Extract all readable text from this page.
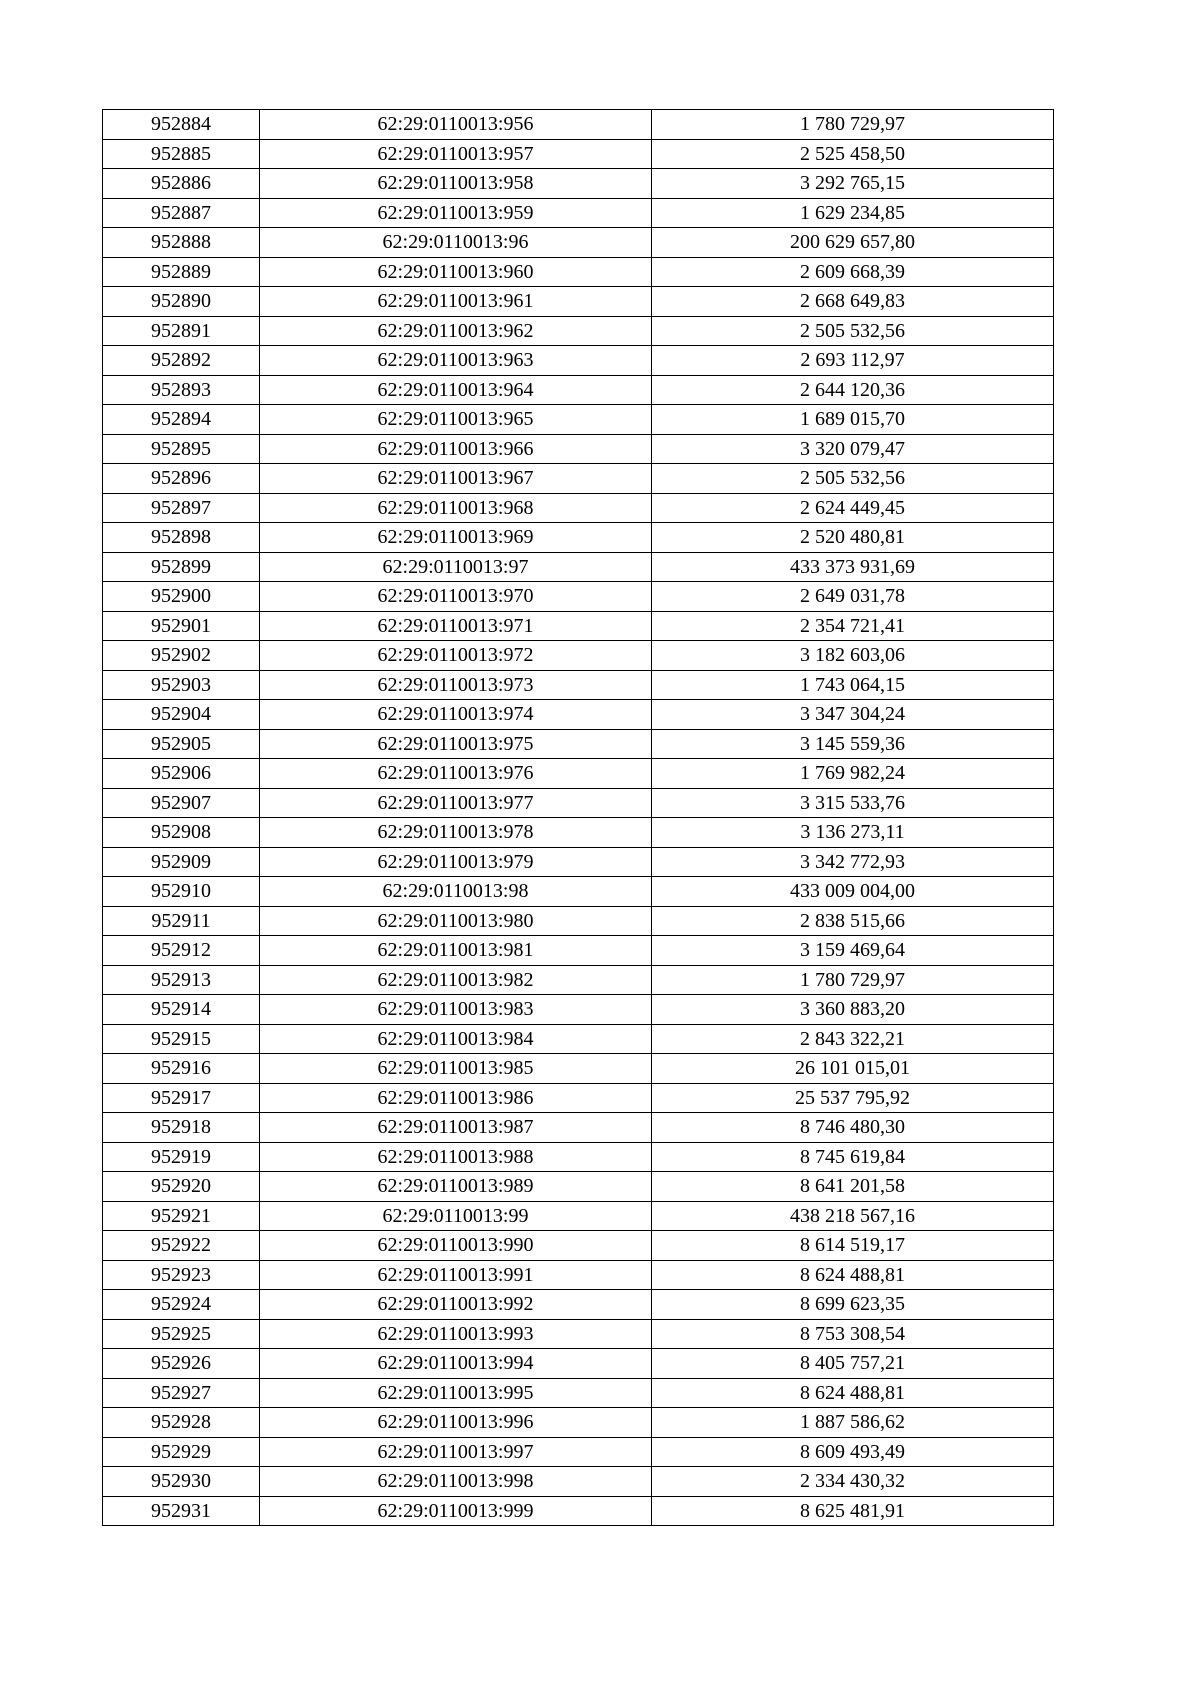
952884	62:29:0110013:956	1 780 729,97
952885	62:29:0110013:957	2 525 458,50
952886	62:29:0110013:958	3 292 765,15
952887	62:29:0110013:959	1 629 234,85
952888	62:29:0110013:96	200 629 657,80
952889	62:29:0110013:960	2 609 668,39
952890	62:29:0110013:961	2 668 649,83
952891	62:29:0110013:962	2 505 532,56
952892	62:29:0110013:963	2 693 112,97
952893	62:29:0110013:964	2 644 120,36
952894	62:29:0110013:965	1 689 015,70
952895	62:29:0110013:966	3 320 079,47
952896	62:29:0110013:967	2 505 532,56
952897	62:29:0110013:968	2 624 449,45
952898	62:29:0110013:969	2 520 480,81
952899	62:29:0110013:97	433 373 931,69
952900	62:29:0110013:970	2 649 031,78
952901	62:29:0110013:971	2 354 721,41
952902	62:29:0110013:972	3 182 603,06
952903	62:29:0110013:973	1 743 064,15
952904	62:29:0110013:974	3 347 304,24
952905	62:29:0110013:975	3 145 559,36
952906	62:29:0110013:976	1 769 982,24
952907	62:29:0110013:977	3 315 533,76
952908	62:29:0110013:978	3 136 273,11
952909	62:29:0110013:979	3 342 772,93
952910	62:29:0110013:98	433 009 004,00
952911	62:29:0110013:980	2 838 515,66
952912	62:29:0110013:981	3 159 469,64
952913	62:29:0110013:982	1 780 729,97
952914	62:29:0110013:983	3 360 883,20
952915	62:29:0110013:984	2 843 322,21
952916	62:29:0110013:985	26 101 015,01
952917	62:29:0110013:986	25 537 795,92
952918	62:29:0110013:987	8 746 480,30
952919	62:29:0110013:988	8 745 619,84
952920	62:29:0110013:989	8 641 201,58
952921	62:29:0110013:99	438 218 567,16
952922	62:29:0110013:990	8 614 519,17
952923	62:29:0110013:991	8 624 488,81
952924	62:29:0110013:992	8 699 623,35
952925	62:29:0110013:993	8 753 308,54
952926	62:29:0110013:994	8 405 757,21
952927	62:29:0110013:995	8 624 488,81
952928	62:29:0110013:996	1 887 586,62
952929	62:29:0110013:997	8 609 493,49
952930	62:29:0110013:998	2 334 430,32
952931	62:29:0110013:999	8 625 481,91
